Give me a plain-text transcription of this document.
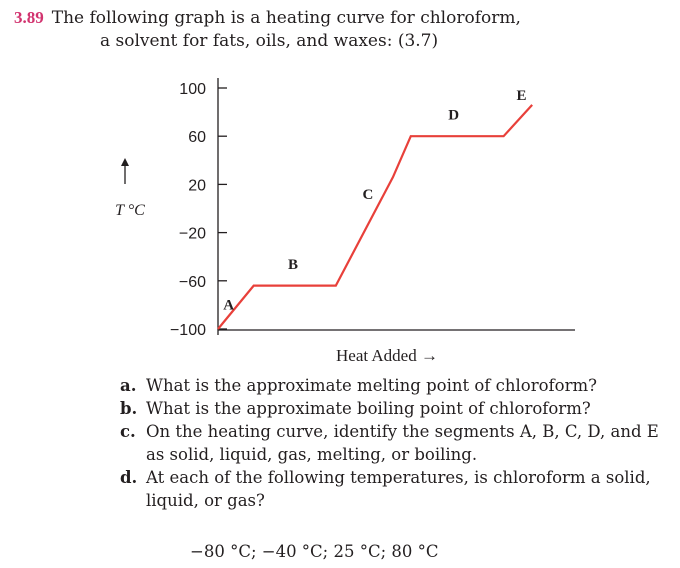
3.89 The following graph is a heating curve for chloroform,
a solvent for fats, oils, and waxes: (3.7)
100
60
20
−20
−60
−100
T °C
Heat Added →
A
B
C
D
E
a. What is the approximate melting point of chloroform?
b. What is the approximate boiling point of chloroform?
c. On the heating curve, identify the segments A, B, C, D, and E as solid, liquid, gas, melting, or boiling.
d. At each of the following temperatures, is chloroform a solid, liquid, or gas?
−80 °C; −40 °C; 25 °C; 80 °C
